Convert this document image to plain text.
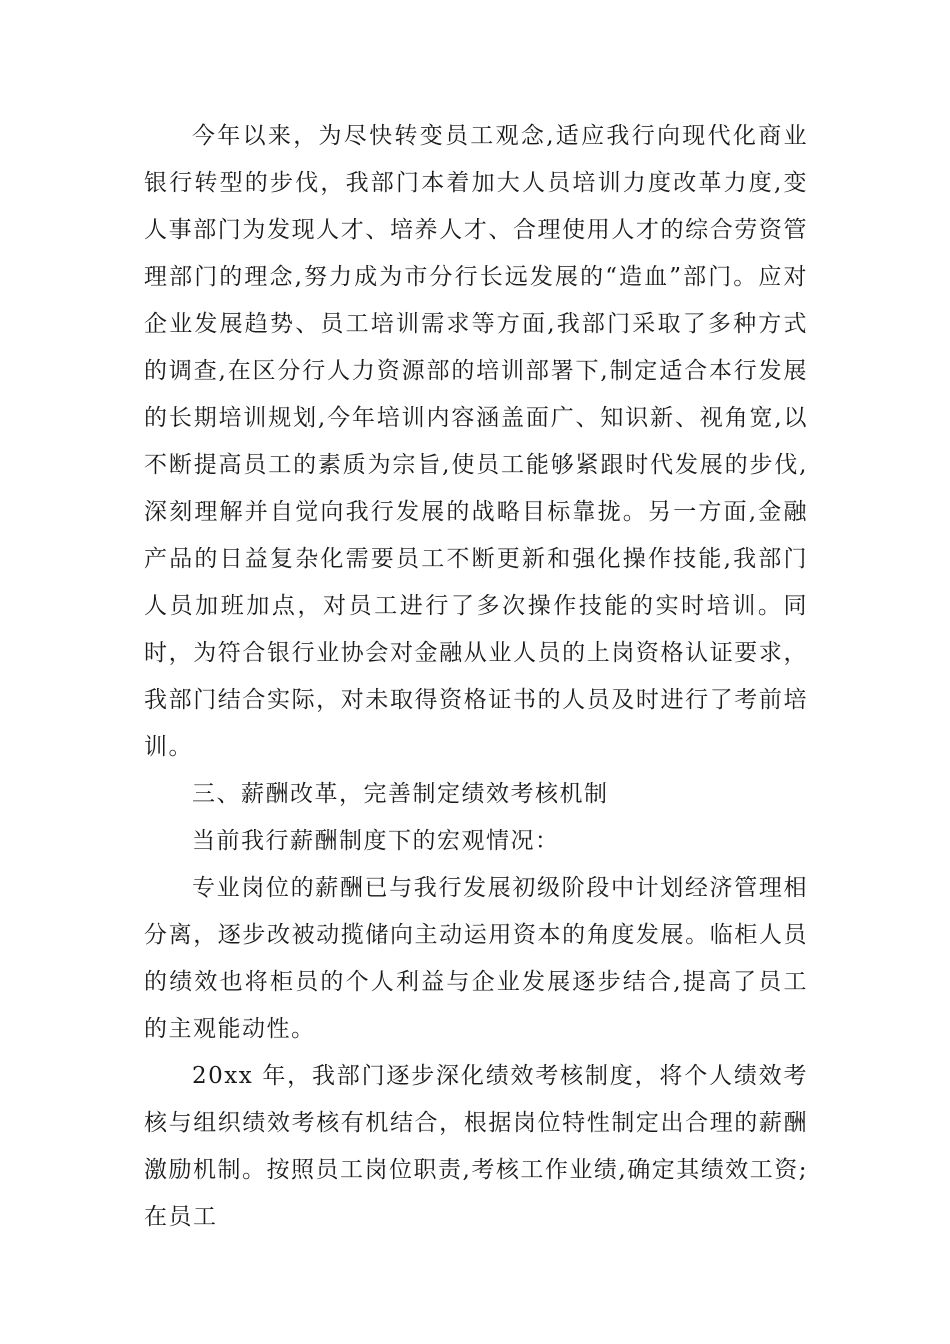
今年以来，为尽快转变员工观念,适应我行向现代化商业银行转型的步伐，我部门本着加大人员培训力度改革力度,变人事部门为发现人才、培养人才、合理使用人才的综合劳资管理部门的理念,努力成为市分行长远发展的“造血”部门。应对企业发展趋势、员工培训需求等方面,我部门采取了多种方式的调查,在区分行人力资源部的培训部署下,制定适合本行发展的长期培训规划,今年培训内容涵盖面广、知识新、视角宽,以不断提高员工的素质为宗旨,使员工能够紧跟时代发展的步伐,深刻理解并自觉向我行发展的战略目标靠拢。另一方面,金融产品的日益复杂化需要员工不断更新和强化操作技能,我部门人员加班加点，对员工进行了多次操作技能的实时培训。同时，为符合银行业协会对金融从业人员的上岗资格认证要求，我部门结合实际，对未取得资格证书的人员及时进行了考前培训。

三、薪酬改革，完善制定绩效考核机制

当前我行薪酬制度下的宏观情况：

专业岗位的薪酬已与我行发展初级阶段中计划经济管理相分离，逐步改被动揽储向主动运用资本的角度发展。临柜人员的绩效也将柜员的个人利益与企业发展逐步结合,提高了员工的主观能动性。

20xx 年，我部门逐步深化绩效考核制度，将个人绩效考核与组织绩效考核有机结合，根据岗位特性制定出合理的薪酬激励机制。按照员工岗位职责,考核工作业绩,确定其绩效工资;在员工
